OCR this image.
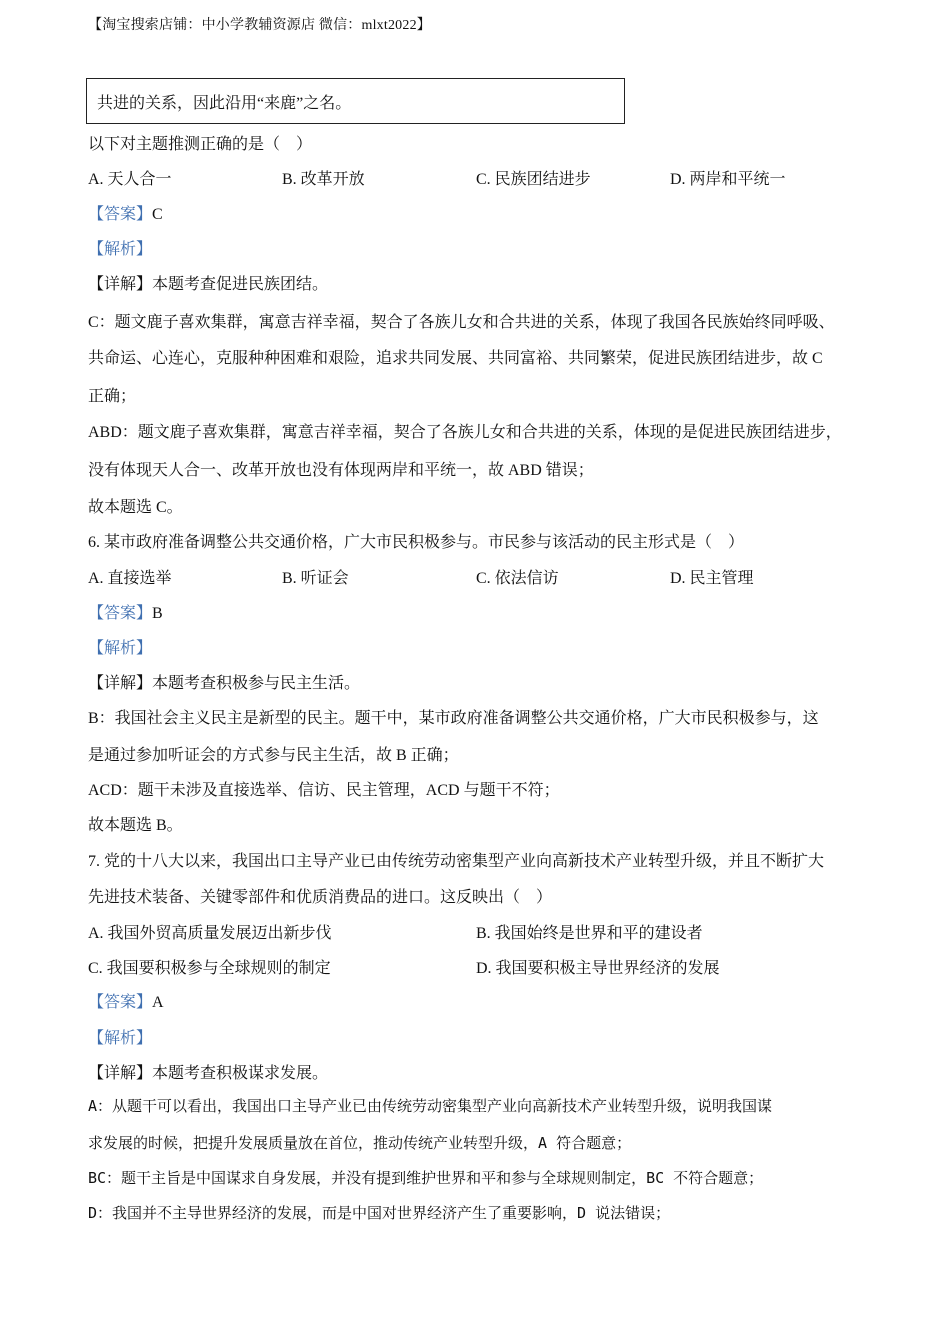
【淘宝搜索店铺：中小学教辅资源店 微信：mlxt2022】
共进的关系，因此沿用“来鹿”之名。
以下对主题推测正确的是（　）
A. 天人合一	B. 改革开放	C. 民族团结进步	D. 两岸和平统一
【答案】C
【解析】
【详解】本题考查促进民族团结。
C：题文鹿子喜欢集群，寓意吉祥幸福，契合了各族儿女和合共进的关系，体现了我国各民族始终同呼吸、
共命运、心连心，克服种种困难和艰险，追求共同发展、共同富裕、共同繁荣，促进民族团结进步，故 C
正确；
ABD：题文鹿子喜欢集群，寓意吉祥幸福，契合了各族儿女和合共进的关系，体现的是促进民族团结进步，
没有体现天人合一、改革开放也没有体现两岸和平统一，故 ABD 错误；
故本题选 C。
6. 某市政府准备调整公共交通价格，广大市民积极参与。市民参与该活动的民主形式是（　）
A. 直接选举	B. 听证会	C. 依法信访	D. 民主管理
【答案】B
【解析】
【详解】本题考查积极参与民主生活。
B：我国社会主义民主是新型的民主。题干中，某市政府准备调整公共交通价格，广大市民积极参与，这
是通过参加听证会的方式参与民主生活，故 B 正确；
ACD：题干未涉及直接选举、信访、民主管理，ACD 与题干不符；
故本题选 B。
7. 党的十八大以来，我国出口主导产业已由传统劳动密集型产业向高新技术产业转型升级，并且不断扩大
先进技术装备、关键零部件和优质消费品的进口。这反映出（　）
A. 我国外贸高质量发展迈出新步伐	B. 我国始终是世界和平的建设者
C. 我国要积极参与全球规则的制定	D. 我国要积极主导世界经济的发展
【答案】A
【解析】
【详解】本题考查积极谋求发展。
A：从题干可以看出，我国出口主导产业已由传统劳动密集型产业向高新技术产业转型升级，说明我国谋
求发展的时候，把提升发展质量放在首位，推动传统产业转型升级，A 符合题意；
BC：题干主旨是中国谋求自身发展，并没有提到维护世界和平和参与全球规则制定，BC 不符合题意；
D：我国并不主导世界经济的发展，而是中国对世界经济产生了重要影响，D 说法错误；
